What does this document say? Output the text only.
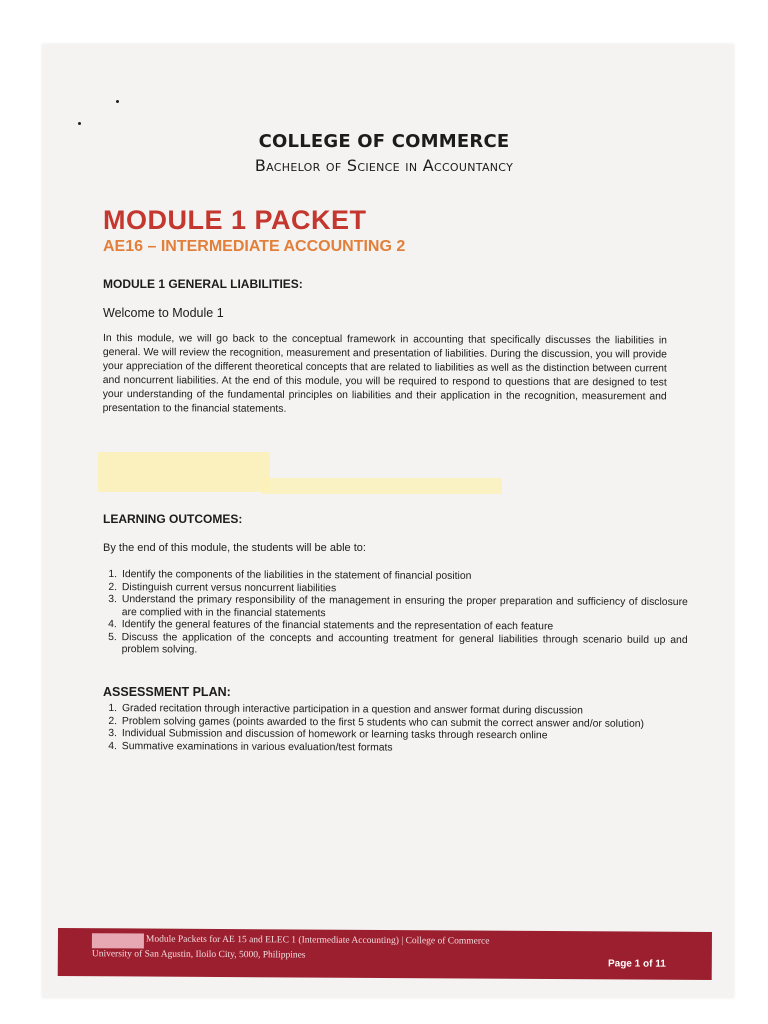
COLLEGE OF COMMERCE
Bachelor of Science in Accountancy
MODULE 1 PACKET
AE16 – INTERMEDIATE ACCOUNTING 2
MODULE 1 GENERAL LIABILITIES:
Welcome to Module 1
In this module, we will go back to the conceptual framework in accounting that specifically discusses the liabilities in general. We will review the recognition, measurement and presentation of liabilities. During the discussion, you will provide your appreciation of the different theoretical concepts that are related to liabilities as well as the distinction between current and noncurrent liabilities. At the end of this module, you will be required to respond to questions that are designed to test your understanding of the fundamental principles on liabilities and their application in the recognition, measurement and presentation to the financial statements.
LEARNING OUTCOMES:
By the end of this module, the students will be able to:
1. Identify the components of the liabilities in the statement of financial position
2. Distinguish current versus noncurrent liabilities
3. Understand the primary responsibility of the management in ensuring the proper preparation and sufficiency of disclosure are complied with in the financial statements
4. Identify the general features of the financial statements and the representation of each feature
5. Discuss the application of the concepts and accounting treatment for general liabilities through scenario build up and problem solving.
ASSESSMENT PLAN:
1. Graded recitation through interactive participation in a question and answer format during discussion
2. Problem solving games (points awarded to the first 5 students who can submit the correct answer and/or solution)
3. Individual Submission and discussion of homework or learning tasks through research online
4. Summative examinations in various evaluation/test formats
Module Packets for AE 15 and ELEC 1 (Intermediate Accounting) | College of Commerce
University of San Agustin, Iloilo City, 5000, Philippines
Page 1 of 11
